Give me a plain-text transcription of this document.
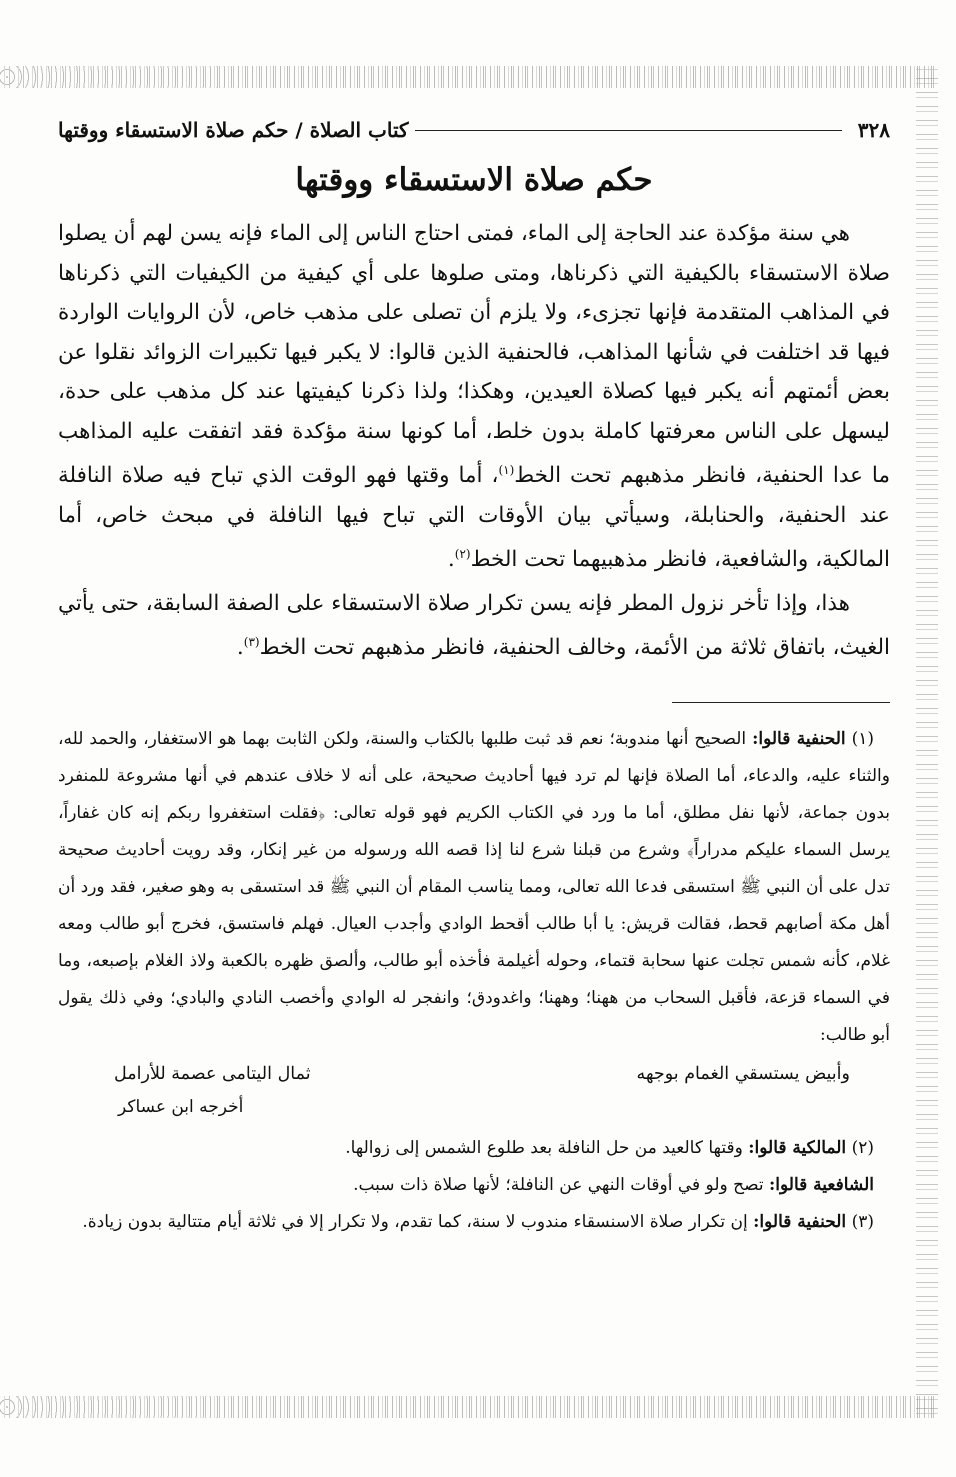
٣٢٨
كتاب الصلاة / حكم صلاة الاستسقاء ووقتها
حكم صلاة الاستسقاء ووقتها

هي سنة مؤكدة عند الحاجة إلى الماء، فمتى احتاج الناس إلى الماء فإنه يسن لهم أن يصلوا صلاة الاستسقاء بالكيفية التي ذكرناها، ومتى صلوها على أي كيفية من الكيفيات التي ذكرناها في المذاهب المتقدمة فإنها تجزىء، ولا يلزم أن تصلى على مذهب خاص، لأن الروايات الواردة فيها قد اختلفت في شأنها المذاهب، فالحنفية الذين قالوا: لا يكبر فيها تكبيرات الزوائد نقلوا عن بعض أئمتهم أنه يكبر فيها كصلاة العيدين، وهكذا؛ ولذا ذكرنا كيفيتها عند كل مذهب على حدة، ليسهل على الناس معرفتها كاملة بدون خلط، أما كونها سنة مؤكدة فقد اتفقت عليه المذاهب ما عدا الحنفية، فانظر مذهبهم تحت الخط$^{(١)}$، أما وقتها فهو الوقت الذي تباح فيه صلاة النافلة عند الحنفية، والحنابلة، وسيأتي بيان الأوقات التي تباح فيها النافلة في مبحث خاص، أما المالكية، والشافعية، فانظر مذهبيهما تحت الخط$^{(٢)}$.

هذا، وإذا تأخر نزول المطر فإنه يسن تكرار صلاة الاستسقاء على الصفة السابقة، حتى يأتي الغيث، باتفاق ثلاثة من الأئمة، وخالف الحنفية، فانظر مذهبهم تحت الخط$^{(٣)}$.

(١) الحنفية قالوا: الصحيح أنها مندوبة؛ نعم قد ثبت طلبها بالكتاب والسنة، ولكن الثابت بهما هو الاستغفار، والحمد لله، والثناء عليه، والدعاء، أما الصلاة فإنها لم ترد فيها أحاديث صحيحة، على أنه لا خلاف عندهم في أنها مشروعة للمنفرد بدون جماعة، لأنها نفل مطلق، أما ما ورد في الكتاب الكريم فهو قوله تعالى: ﴿فقلت استغفروا ربكم إنه كان غفاراً، يرسل السماء عليكم مدراراً﴾ وشرع من قبلنا شرع لنا إذا قصه الله ورسوله من غير إنكار، وقد رويت أحاديث صحيحة تدل على أن النبي ﷺ استسقى فدعا الله تعالى، ومما يناسب المقام أن النبي ﷺ قد استسقى به وهو صغير، فقد ورد أن أهل مكة أصابهم قحط، فقالت قريش: يا أبا طالب أقحط الوادي وأجدب العيال. فهلم فاستسق، فخرج أبو طالب ومعه غلام، كأنه شمس تجلت عنها سحابة قتماء، وحوله أغيلمة فأخذه أبو طالب، وألصق ظهره بالكعبة ولاذ الغلام بإصبعه، وما في السماء قزعة، فأقبل السحاب من ههنا؛ وههنا؛ واغدودق؛ وانفجر له الوادي وأخصب النادي والبادي؛ وفي ذلك يقول أبو طالب:

وأبيض يستسقي الغمام بوجهه
ثمال اليتامى عصمة للأرامل
أخرجه ابن عساكر

(٢) المالكية قالوا: وقتها كالعيد من حل النافلة بعد طلوع الشمس إلى زوالها.

الشافعية قالوا: تصح ولو في أوقات النهي عن النافلة؛ لأنها صلاة ذات سبب.

(٣) الحنفية قالوا: إن تكرار صلاة الاسنسقاء مندوب لا سنة، كما تقدم، ولا تكرار إلا في ثلاثة أيام متتالية بدون زيادة.
